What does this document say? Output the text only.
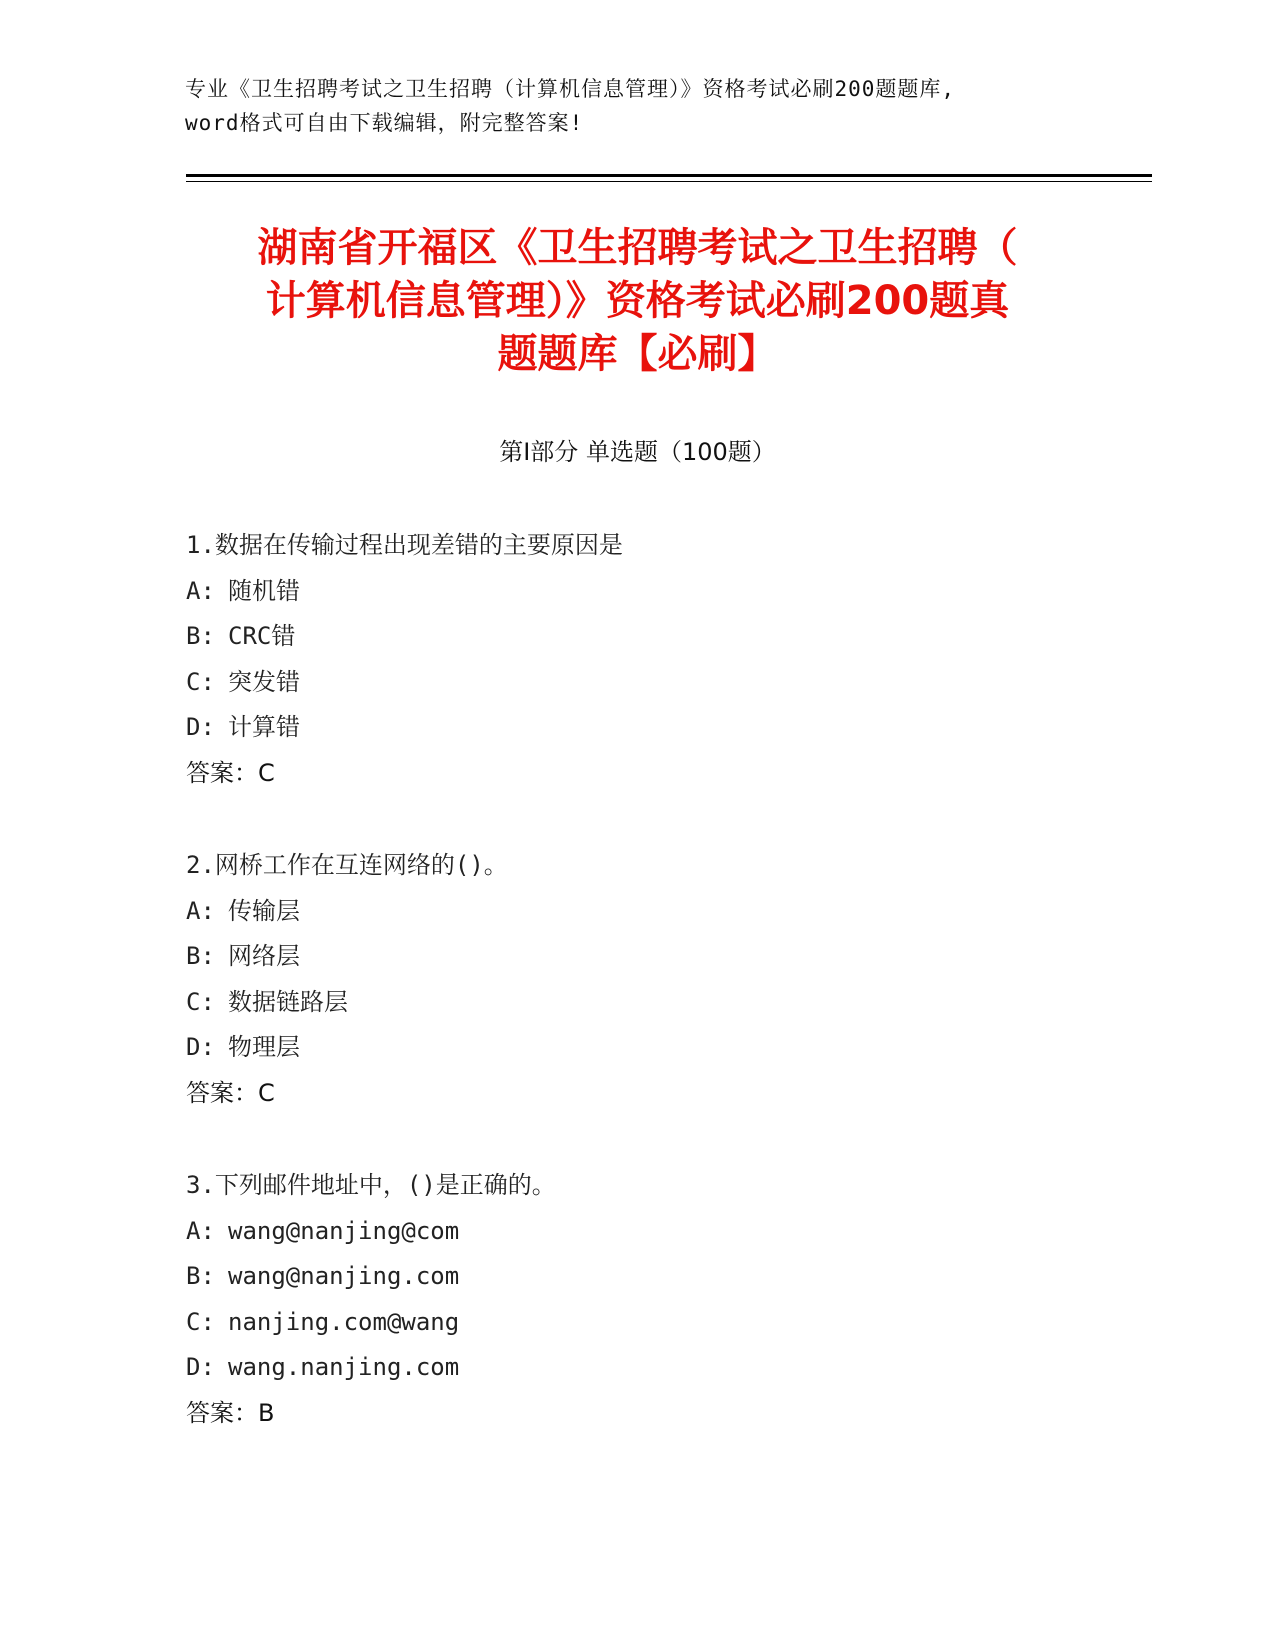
专业《卫生招聘考试之卫生招聘（计算机信息管理）》资格考试必刷200题题库,
word格式可自由下载编辑，附完整答案!
湖南省开福区《卫生招聘考试之卫生招聘（
计算机信息管理）》资格考试必刷200题真
题题库【必刷】
第Ⅰ部分 单选题（100题）
1.数据在传输过程出现差错的主要原因是
A: 随机错
B: CRC错
C: 突发错
D: 计算错
答案：C
2.网桥工作在互连网络的()。
A: 传输层
B: 网络层
C: 数据链路层
D: 物理层
答案：C
3.下列邮件地址中，()是正确的。
A: wang@nanjing@com
B: wang@nanjing.com
C: nanjing.com@wang
D: wang.nanjing.com
答案：B
